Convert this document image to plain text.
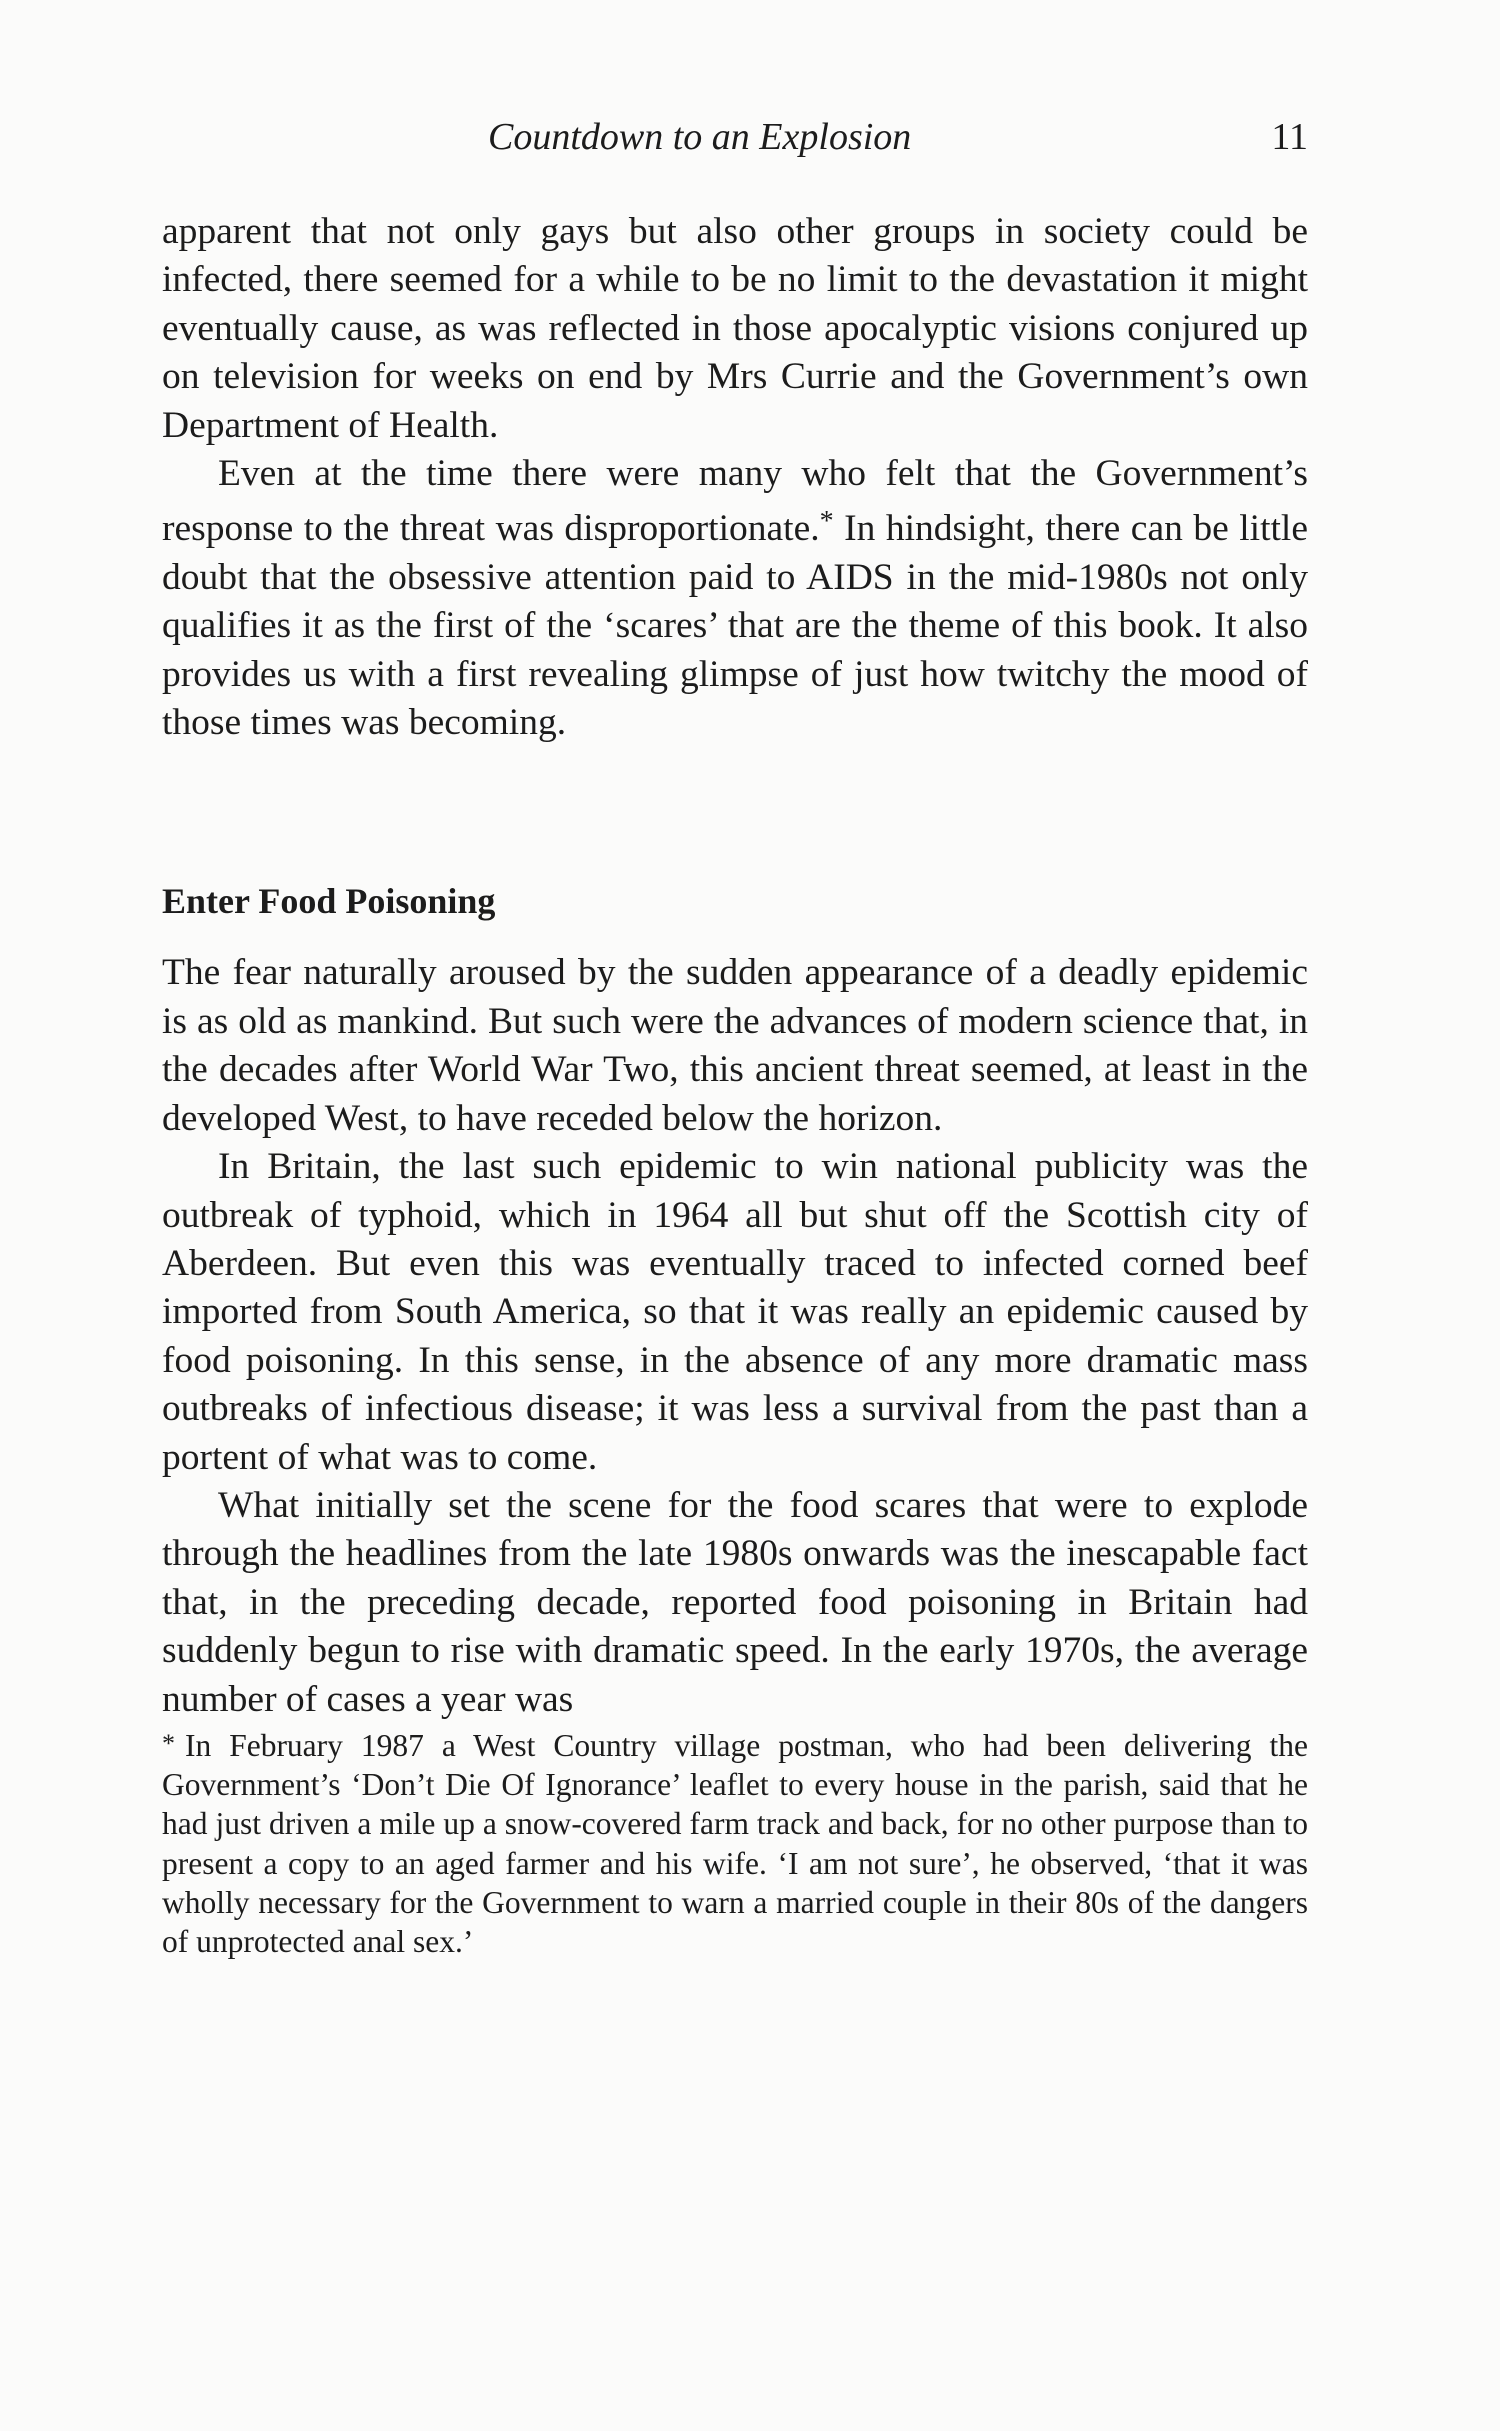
Countdown to an Explosion	11

apparent that not only gays but also other groups in society could be infected, there seemed for a while to be no limit to the devastation it might eventually cause, as was reflected in those apocalyptic visions conjured up on television for weeks on end by Mrs Currie and the Government’s own Department of Health.

Even at the time there were many who felt that the Government’s response to the threat was disproportionate.* In hindsight, there can be little doubt that the obsessive attention paid to AIDS in the mid-1980s not only qualifies it as the first of the ‘scares’ that are the theme of this book. It also provides us with a first revealing glimpse of just how twitchy the mood of those times was becoming.

Enter Food Poisoning

The fear naturally aroused by the sudden appearance of a deadly epidemic is as old as mankind. But such were the advances of modern science that, in the decades after World War Two, this ancient threat seemed, at least in the developed West, to have receded below the horizon.

In Britain, the last such epidemic to win national publicity was the outbreak of typhoid, which in 1964 all but shut off the Scottish city of Aberdeen. But even this was eventually traced to infected corned beef imported from South America, so that it was really an epidemic caused by food poisoning. In this sense, in the absence of any more dramatic mass outbreaks of infectious disease; it was less a survival from the past than a portent of what was to come.

What initially set the scene for the food scares that were to explode through the headlines from the late 1980s onwards was the inescapable fact that, in the preceding decade, reported food poisoning in Britain had suddenly begun to rise with dramatic speed. In the early 1970s, the average number of cases a year was

* In February 1987 a West Country village postman, who had been delivering the Government’s ‘Don’t Die Of Ignorance’ leaflet to every house in the parish, said that he had just driven a mile up a snow-covered farm track and back, for no other purpose than to present a copy to an aged farmer and his wife. ‘I am not sure’, he observed, ‘that it was wholly necessary for the Government to warn a married couple in their 80s of the dangers of unprotected anal sex.’
